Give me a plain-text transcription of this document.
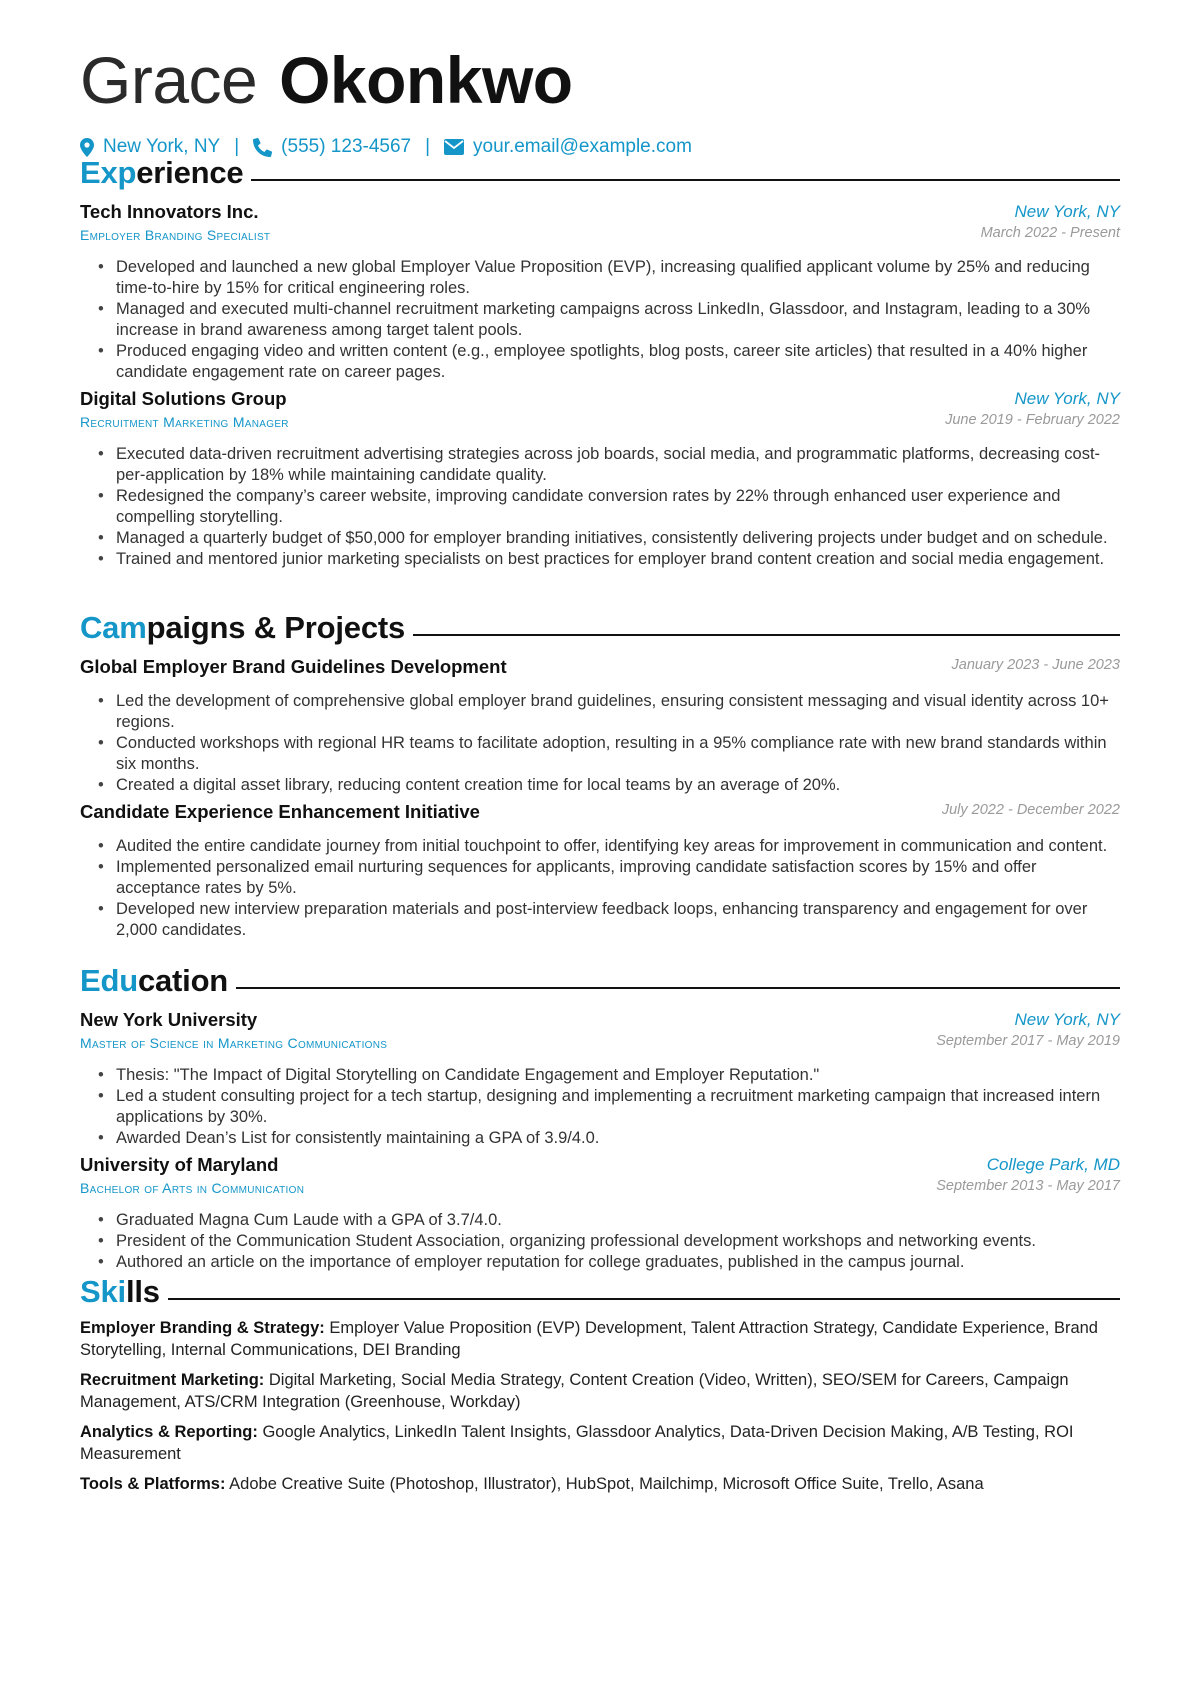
Grace Okonkwo
New York, NY | (555) 123-4567 | your.email@example.com
Experience
Tech Innovators Inc.	New York, NY
Employer Branding Specialist	March 2022 - Present
• Developed and launched a new global Employer Value Proposition (EVP), increasing qualified applicant volume by 25% and reducing time-to-hire by 15% for critical engineering roles.
• Managed and executed multi-channel recruitment marketing campaigns across LinkedIn, Glassdoor, and Instagram, leading to a 30% increase in brand awareness among target talent pools.
• Produced engaging video and written content (e.g., employee spotlights, blog posts, career site articles) that resulted in a 40% higher candidate engagement rate on career pages.
Digital Solutions Group	New York, NY
Recruitment Marketing Manager	June 2019 - February 2022
• Executed data-driven recruitment advertising strategies across job boards, social media, and programmatic platforms, decreasing cost-per-application by 18% while maintaining candidate quality.
• Redesigned the company’s career website, improving candidate conversion rates by 22% through enhanced user experience and compelling storytelling.
• Managed a quarterly budget of $50,000 for employer branding initiatives, consistently delivering projects under budget and on schedule.
• Trained and mentored junior marketing specialists on best practices for employer brand content creation and social media engagement.
Campaigns & Projects
Global Employer Brand Guidelines Development	January 2023 - June 2023
• Led the development of comprehensive global employer brand guidelines, ensuring consistent messaging and visual identity across 10+ regions.
• Conducted workshops with regional HR teams to facilitate adoption, resulting in a 95% compliance rate with new brand standards within six months.
• Created a digital asset library, reducing content creation time for local teams by an average of 20%.
Candidate Experience Enhancement Initiative	July 2022 - December 2022
• Audited the entire candidate journey from initial touchpoint to offer, identifying key areas for improvement in communication and content.
• Implemented personalized email nurturing sequences for applicants, improving candidate satisfaction scores by 15% and offer acceptance rates by 5%.
• Developed new interview preparation materials and post-interview feedback loops, enhancing transparency and engagement for over 2,000 candidates.
Education
New York University	New York, NY
Master of Science in Marketing Communications	September 2017 - May 2019
• Thesis: "The Impact of Digital Storytelling on Candidate Engagement and Employer Reputation."
• Led a student consulting project for a tech startup, designing and implementing a recruitment marketing campaign that increased intern applications by 30%.
• Awarded Dean’s List for consistently maintaining a GPA of 3.9/4.0.
University of Maryland	College Park, MD
Bachelor of Arts in Communication	September 2013 - May 2017
• Graduated Magna Cum Laude with a GPA of 3.7/4.0.
• President of the Communication Student Association, organizing professional development workshops and networking events.
• Authored an article on the importance of employer reputation for college graduates, published in the campus journal.
Skills
Employer Branding & Strategy: Employer Value Proposition (EVP) Development, Talent Attraction Strategy, Candidate Experience, Brand Storytelling, Internal Communications, DEI Branding
Recruitment Marketing: Digital Marketing, Social Media Strategy, Content Creation (Video, Written), SEO/SEM for Careers, Campaign Management, ATS/CRM Integration (Greenhouse, Workday)
Analytics & Reporting: Google Analytics, LinkedIn Talent Insights, Glassdoor Analytics, Data-Driven Decision Making, A/B Testing, ROI Measurement
Tools & Platforms: Adobe Creative Suite (Photoshop, Illustrator), HubSpot, Mailchimp, Microsoft Office Suite, Trello, Asana
